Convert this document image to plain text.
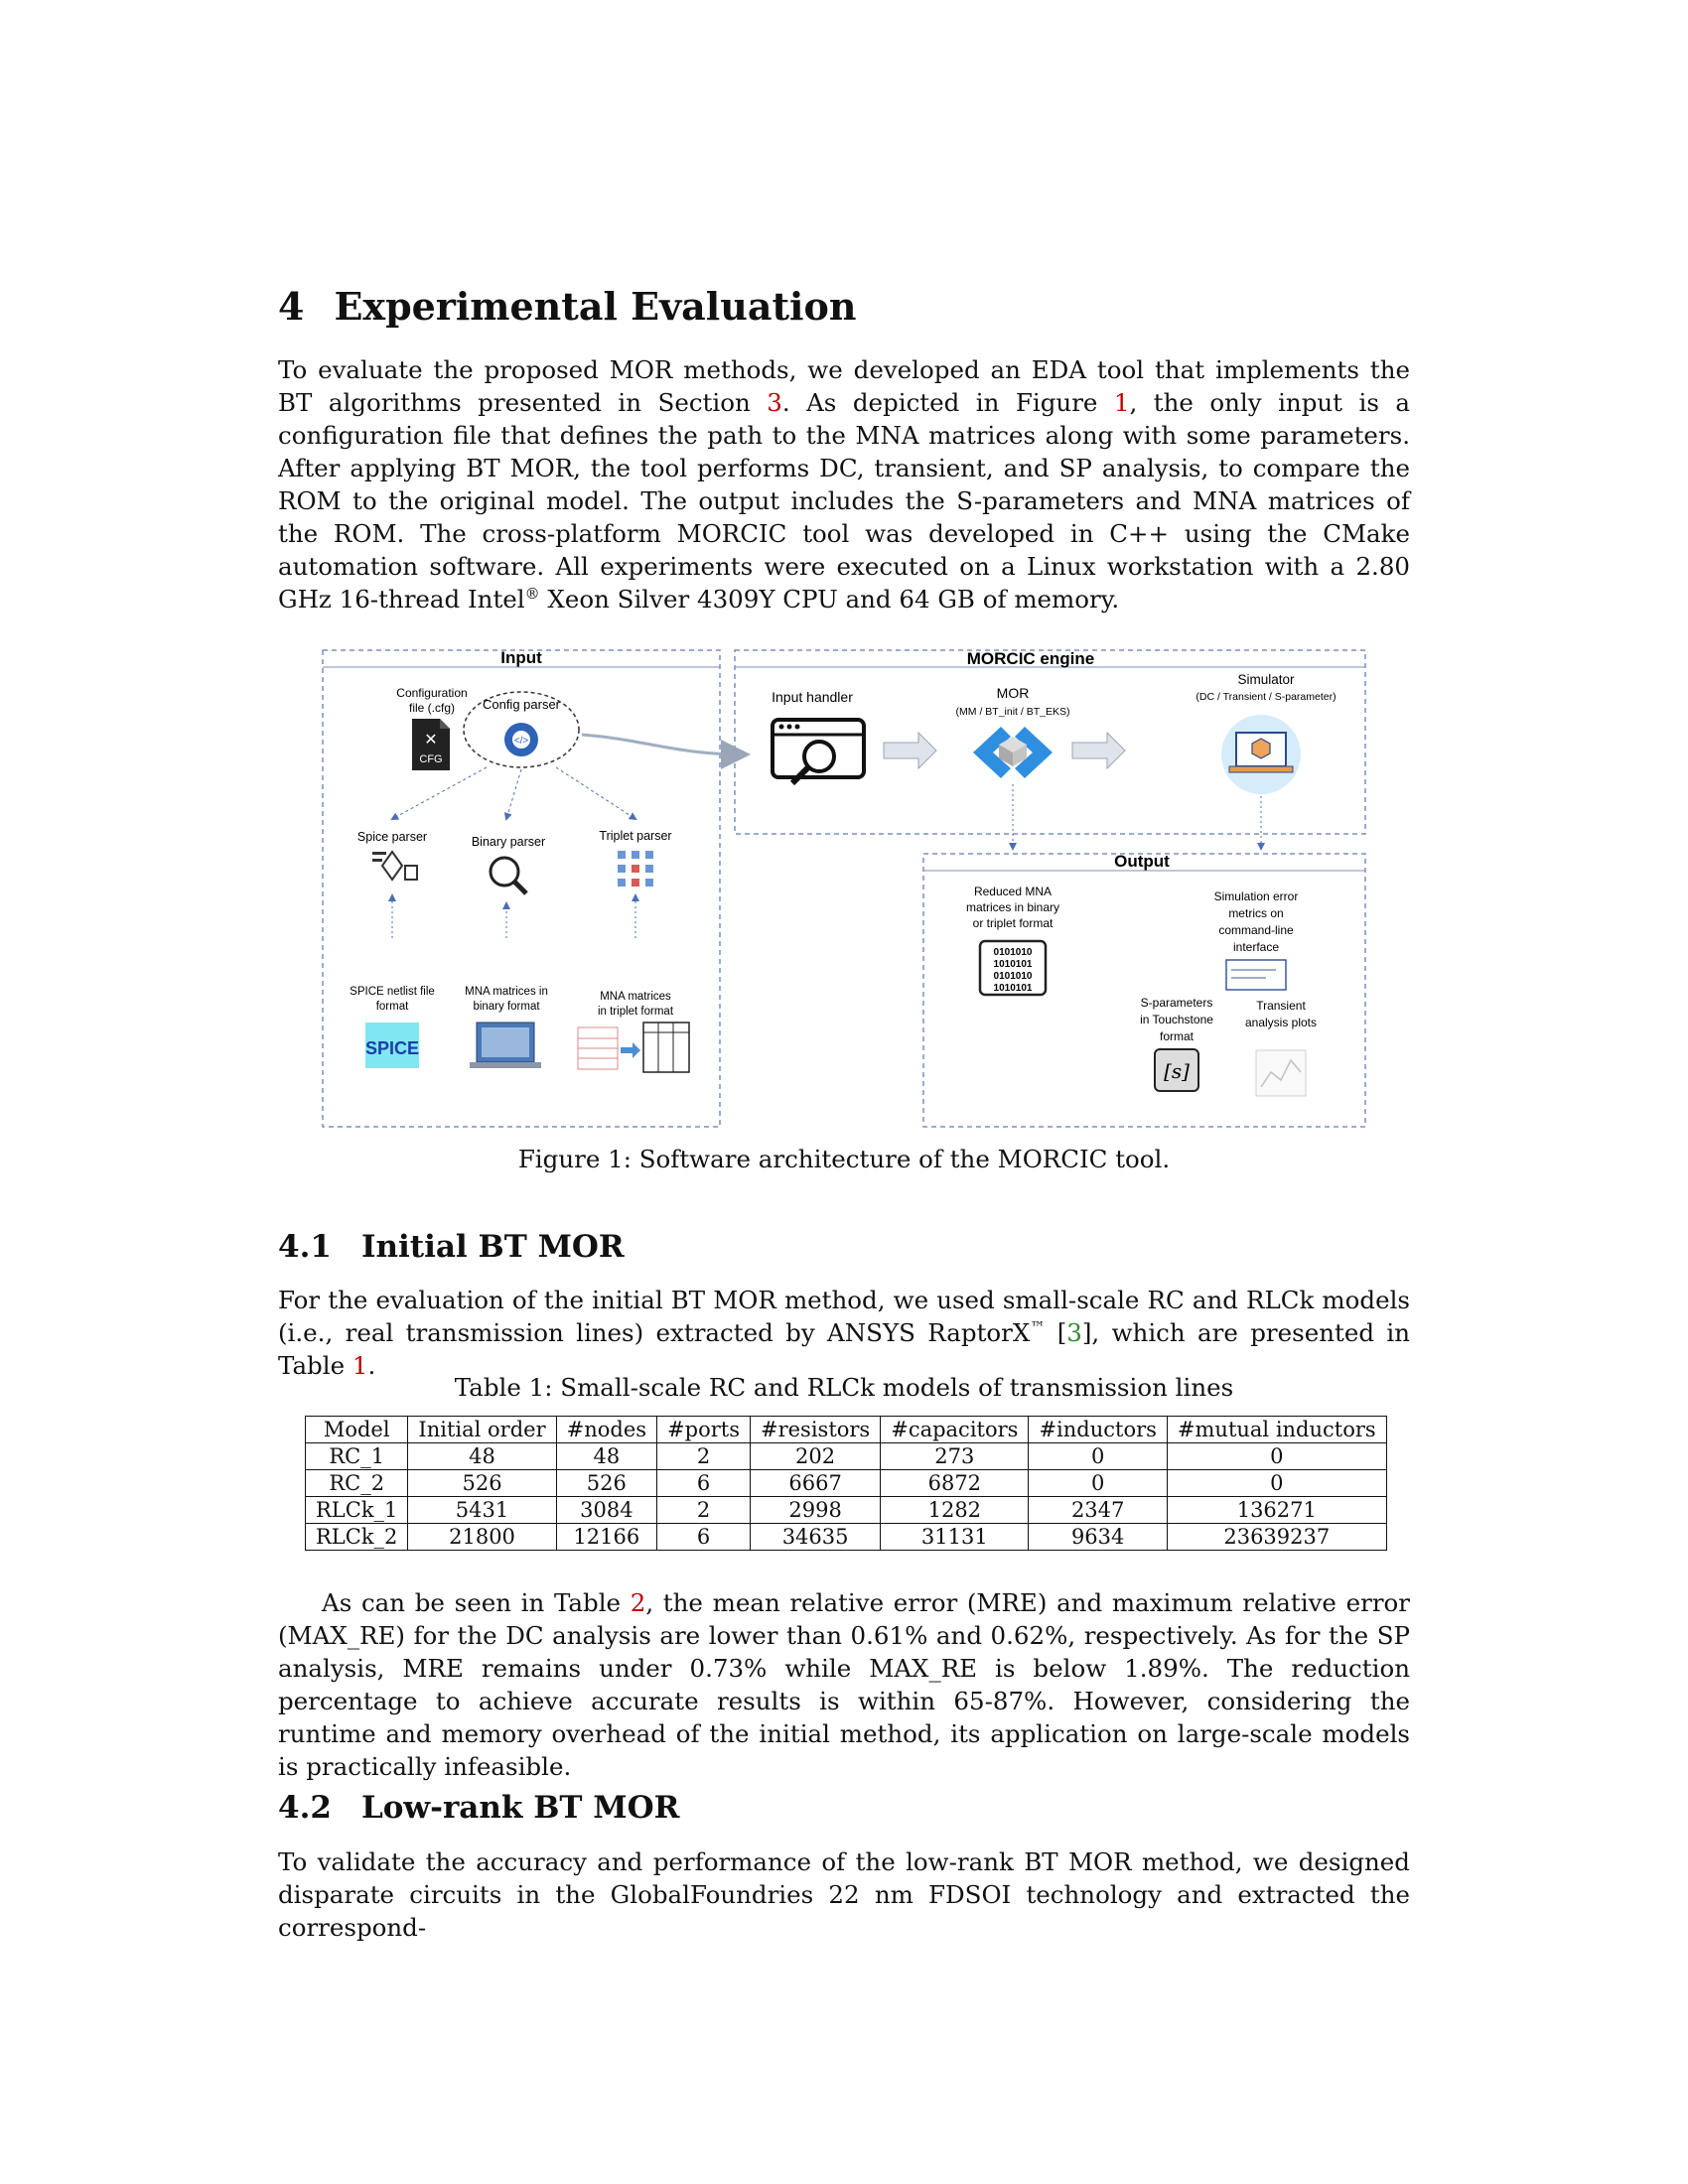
4 Experimental Evaluation

To evaluate the proposed MOR methods, we developed an EDA tool that implements the BT algorithms presented in Section 3. As depicted in Figure 1, the only input is a configuration file that defines the path to the MNA matrices along with some parameters. After applying BT MOR, the tool performs DC, transient, and SP analysis, to compare the ROM to the original model. The output includes the S-parameters and MNA matrices of the ROM. The cross-platform MORCIC tool was developed in C++ using the CMake automation software. All experiments were executed on a Linux workstation with a 2.80 GHz 16-thread Intel® Xeon Silver 4309Y CPU and 64 GB of memory.

Input	MORCIC engine
Output
Configuration
file (.cfg)
CFG
✕
Config parser
</>
Spice parser	Binary parser	Triplet parser
SPICE netlist file
format
SPICE
MNA matrices in
binary format
MNA matrices
in triplet format
Input handler	MOR
(MM / BT_init / BT_EKS)
Simulator
(DC / Transient / S-parameter)
Reduced MNA
matrices in binary
or triplet format
0101010
1010101
0101010
1010101
Simulation error
metrics on
command-line
interface
S-parameters
in Touchstone
format
[s]
Transient
analysis plots

Figure 1: Software architecture of the MORCIC tool.

4.1 Initial BT MOR

For the evaluation of the initial BT MOR method, we used small-scale RC and RLCk models (i.e., real transmission lines) extracted by ANSYS RaptorX™ [3], which are presented in Table 1.

Table 1: Small-scale RC and RLCk models of transmission lines

Model	Initial order	#nodes	#ports	#resistors	#capacitors	#inductors	#mutual inductors
RC_1	48	48	2	202	273	0	0
RC_2	526	526	6	6667	6872	0	0
RLCk_1	5431	3084	2	2998	1282	2347	136271
RLCk_2	21800	12166	6	34635	31131	9634	23639237

As can be seen in Table 2, the mean relative error (MRE) and maximum relative error (MAX_RE) for the DC analysis are lower than 0.61% and 0.62%, respectively. As for the SP analysis, MRE remains under 0.73% while MAX_RE is below 1.89%. The reduction percentage to achieve accurate results is within 65-87%. However, considering the runtime and memory overhead of the initial method, its application on large-scale models is practically infeasible.

4.2 Low-rank BT MOR

To validate the accuracy and performance of the low-rank BT MOR method, we designed disparate circuits in the GlobalFoundries 22 nm FDSOI technology and extracted the correspond-
